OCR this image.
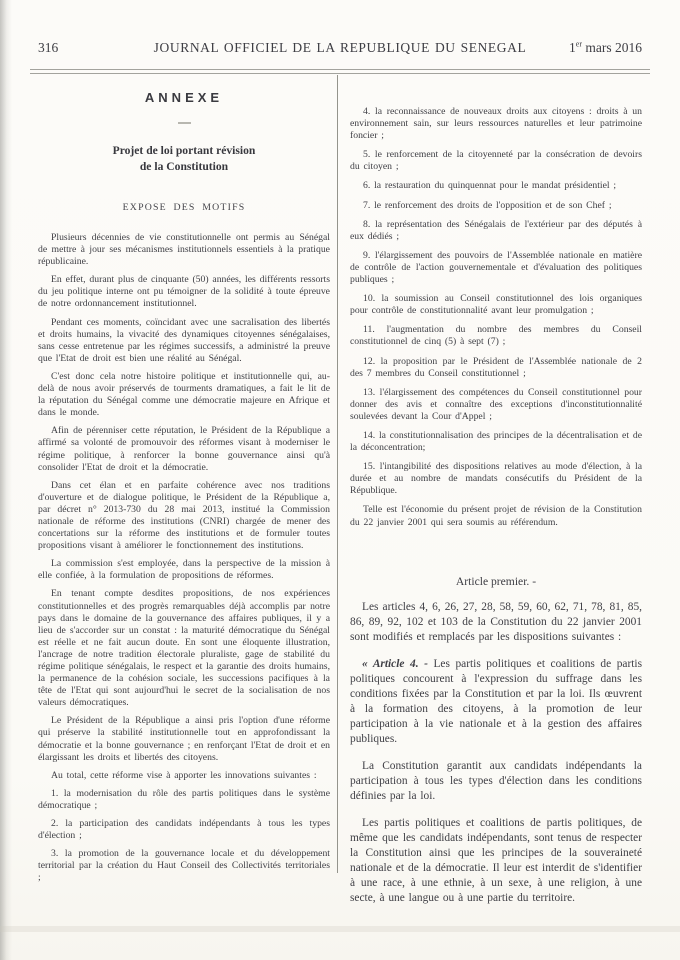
316	JOURNAL OFFICIEL DE LA REPUBLIQUE DU SENEGAL	1er mars 2016

ANNEXE

Projet de loi portant révision
de la Constitution

EXPOSE DES MOTIFS

Plusieurs décennies de vie constitutionnelle ont permis au Sénégal de mettre à jour ses mécanismes institutionnels essentiels à la pratique républicaine.

En effet, durant plus de cinquante (50) années, les différents ressorts du jeu politique interne ont pu témoigner de la solidité à toute épreuve de notre ordonnancement institutionnel.

Pendant ces moments, coïncidant avec une sacralisation des libertés et droits humains, la vivacité des dynamiques citoyennes sénégalaises, sans cesse entretenue par les régimes successifs, a administré la preuve que l'Etat de droit est bien une réalité au Sénégal.

C'est donc cela notre histoire politique et institutionnelle qui, au-delà de nous avoir préservés de tourments dramatiques, a fait le lit de la réputation du Sénégal comme une démocratie majeure en Afrique et dans le monde.

Afin de pérenniser cette réputation, le Président de la République a affirmé sa volonté de promouvoir des réformes visant à moderniser le régime politique, à renforcer la bonne gouvernance ainsi qu'à consolider l'Etat de droit et la démocratie.

Dans cet élan et en parfaite cohérence avec nos traditions d'ouverture et de dialogue politique, le Président de la République a, par décret n° 2013-730 du 28 mai 2013, institué la Commission nationale de réforme des institutions (CNRI) chargée de mener des concertations sur la réforme des institutions et de formuler toutes propositions visant à améliorer le fonctionnement des institutions.

La commission s'est employée, dans la perspective de la mission à elle confiée, à la formulation de propositions de réformes.

En tenant compte desdites propositions, de nos expériences constitutionnelles et des progrès remarquables déjà accomplis par notre pays dans le domaine de la gouvernance des affaires publiques, il y a lieu de s'accorder sur un constat : la maturité démocratique du Sénégal est réelle et ne fait aucun doute. En sont une éloquente illustration, l'ancrage de notre tradition électorale pluraliste, gage de stabilité du régime politique sénégalais, le respect et la garantie des droits humains, la permanence de la cohésion sociale, les successions pacifiques à la tête de l'Etat qui sont aujourd'hui le secret de la socialisation de nos valeurs démocratiques.

Le Président de la République a ainsi pris l'option d'une réforme qui préserve la stabilité institutionnelle tout en approfondissant la démocratie et la bonne gouvernance ; en renforçant l'Etat de droit et en élargissant les droits et libertés des citoyens.

Au total, cette réforme vise à apporter les innovations suivantes :

1. la modernisation du rôle des partis politiques dans le système démocratique ;

2. la participation des candidats indépendants à tous les types d'élection ;

3. la promotion de la gouvernance locale et du développement territorial par la création du Haut Conseil des Collectivités territoriales ;

4. la reconnaissance de nouveaux droits aux citoyens : droits à un environnement sain, sur leurs ressources naturelles et leur patrimoine foncier ;

5. le renforcement de la citoyenneté par la consécration de devoirs du citoyen ;

6. la restauration du quinquennat pour le mandat présidentiel ;

7. le renforcement des droits de l'opposition et de son Chef ;

8. la représentation des Sénégalais de l'extérieur par des députés à eux dédiés ;

9. l'élargissement des pouvoirs de l'Assemblée nationale en matière de contrôle de l'action gouvernementale et d'évaluation des politiques publiques ;

10. la soumission au Conseil constitutionnel des lois organiques pour contrôle de constitutionnalité avant leur promulgation ;

11. l'augmentation du nombre des membres du Conseil constitutionnel de cinq (5) à sept (7) ;

12. la proposition par le Président de l'Assemblée nationale de 2 des 7 membres du Conseil constitutionnel ;

13. l'élargissement des compétences du Conseil constitutionnel pour donner des avis et connaître des exceptions d'inconstitutionnalité soulevées devant la Cour d'Appel ;

14. la constitutionnalisation des principes de la décentralisation et de la déconcentration;

15. l'intangibilité des dispositions relatives au mode d'élection, à la durée et au nombre de mandats consécutifs du Président de la République.

Telle est l'économie du présent projet de révision de la Constitution du 22 janvier 2001 qui sera soumis au référendum.

Article premier. -

Les articles 4, 6, 26, 27, 28, 58, 59, 60, 62, 71, 78, 81, 85, 86, 89, 92, 102 et 103 de la Constitution du 22 janvier 2001 sont modifiés et remplacés par les dispositions suivantes :

« Article 4. - Les partis politiques et coalitions de partis politiques concourent à l'expression du suffrage dans les conditions fixées par la Constitution et par la loi. Ils œuvrent à la formation des citoyens, à la promotion de leur participation à la vie nationale et à la gestion des affaires publiques.

La Constitution garantit aux candidats indépendants la participation à tous les types d'élection dans les conditions définies par la loi.

Les partis politiques et coalitions de partis politiques, de même que les candidats indépendants, sont tenus de respecter la Constitution ainsi que les principes de la souveraineté nationale et de la démocratie. Il leur est interdit de s'identifier à une race, à une ethnie, à un sexe, à une religion, à une secte, à une langue ou à une partie du territoire.
